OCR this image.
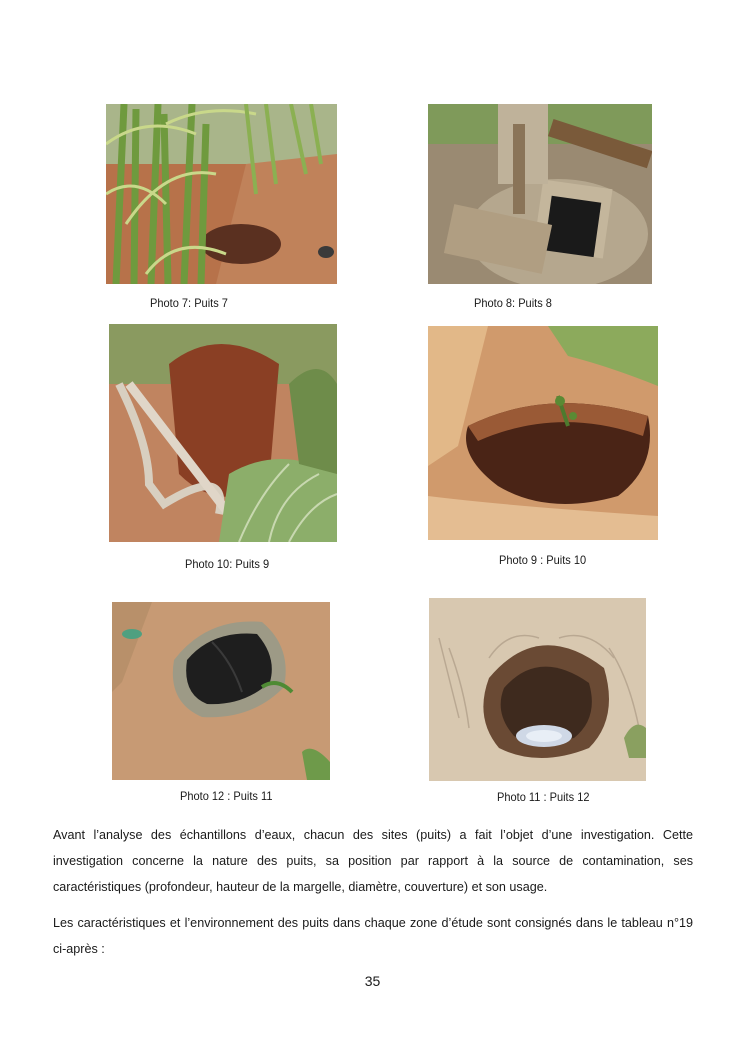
Photo 7: Puits 7	Photo 8: Puits 8
Photo 10: Puits 9	Photo 9 : Puits 10
Photo 12 : Puits 11	Photo 11 : Puits 12

Avant l’analyse des échantillons d’eaux, chacun des sites (puits) a fait l’objet d’une investigation. Cette investigation concerne la nature des puits, sa position par rapport à la source de contamination, ses caractéristiques (profondeur, hauteur de la margelle, diamètre, couverture) et son usage.

Les caractéristiques et l’environnement des puits dans chaque zone d’étude sont consignés dans le tableau n°19 ci-après :

35
